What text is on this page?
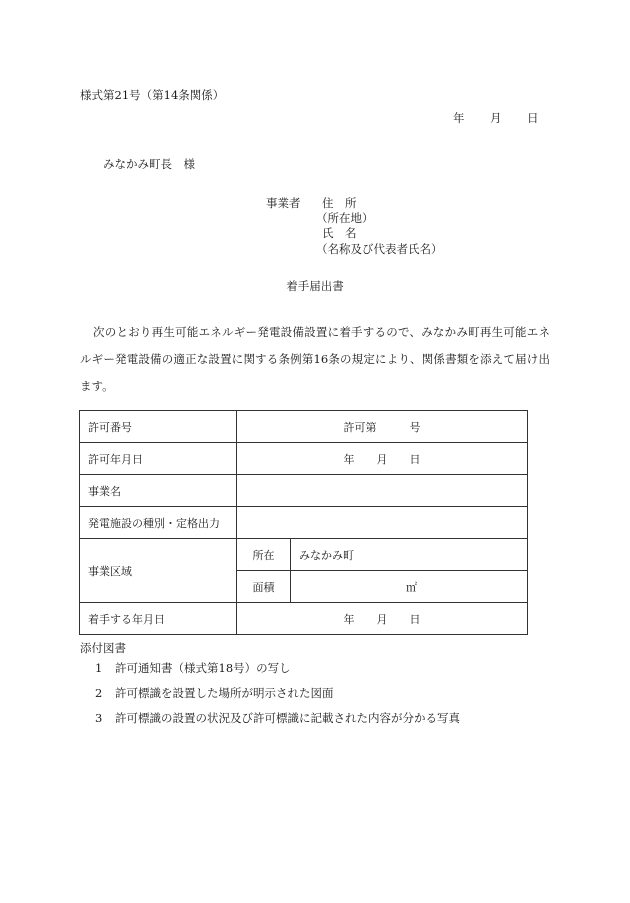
様式第21号（第14条関係）
年 月 日
みなかみ町長　様
事業者 住　所
（所在地）
氏　名
（名称及び代表者氏名）
着手届出書
次のとおり再生可能エネルギー発電設備設置に着手するので、みなかみ町再生可能エネルギー発電設備の適正な設置に関する条例第16条の規定により、関係書類を添えて届け出ます。
許可番号	許可第　　　号	
許可年月日	年　　月　　日	
事業名		
発電施設の種別・定格出力		
事業区域	所在	みなかみ町
	面積	㎡
着手する年月日	年　　月　　日	
添付図書
1 許可通知書（様式第18号）の写し
2 許可標識を設置した場所が明示された図面
3 許可標識の設置の状況及び許可標識に記載された内容が分かる写真
